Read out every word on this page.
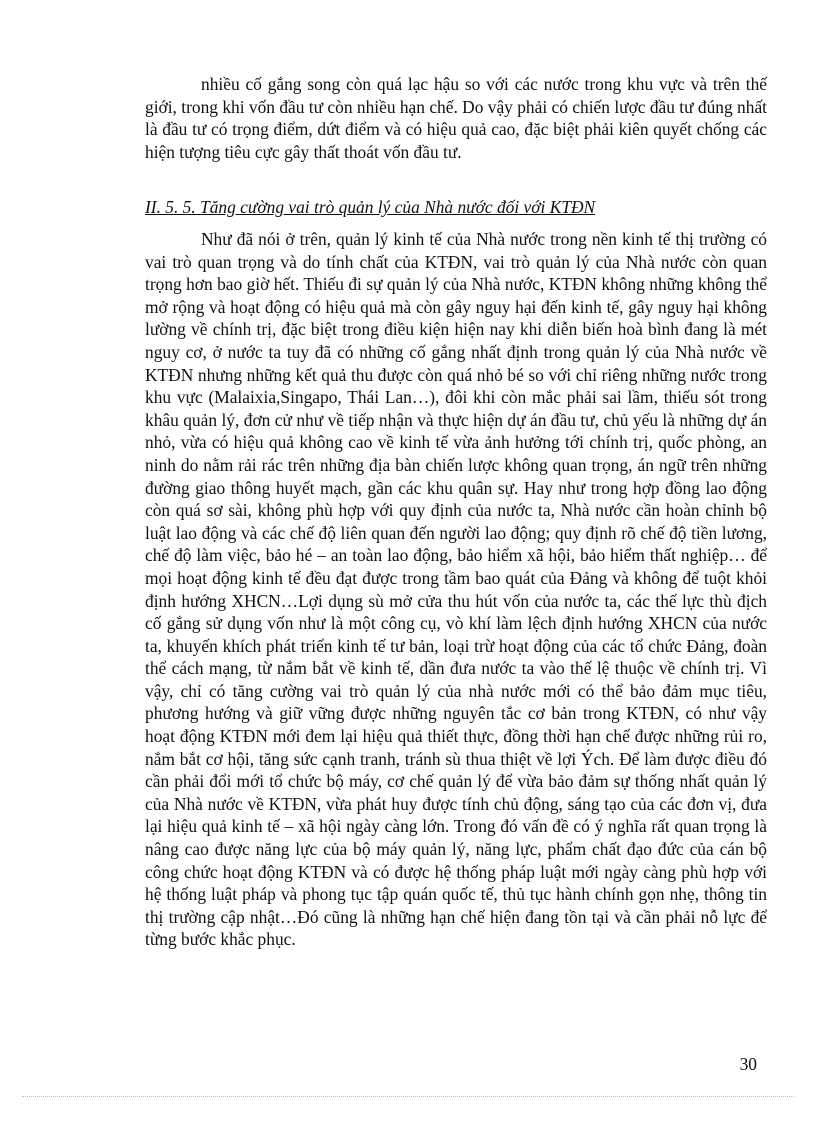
nhiều cố gắng song còn quá lạc hậu so với các nước trong khu vực và trên thế giới, trong khi vốn đầu tư còn nhiều hạn chế. Do vậy phải có chiến lược đầu tư đúng nhất là đầu tư có trọng điểm, dứt điểm và có hiệu quả cao, đặc biệt phải kiên quyết chống các hiện tượng tiêu cực gây thất thoát vốn đầu tư.

II. 5. 5. Tăng cường vai trò quản lý của Nhà nước đối với KTĐN

Như đã nói ở trên, quản lý kinh tế của Nhà nước trong nền kinh tế thị trường có vai trò quan trọng và do tính chất của KTĐN, vai trò quản lý của Nhà nước còn quan trọng hơn bao giờ hết. Thiếu đi sự quản lý của Nhà nước, KTĐN không những không thể mở rộng và hoạt động có hiệu quả mà còn gây nguy hại đến kinh tế, gây nguy hại không lường về chính trị, đặc biệt trong điều kiện hiện nay khi diễn biến hoà bình đang là mét nguy cơ, ở nước ta tuy đã có những cố gắng nhất định trong quản lý của Nhà nước về KTĐN nhưng những kết quả thu được còn quá nhỏ bé so với chỉ riêng những nước trong khu vực (Malaixia,Singapo, Thái Lan…), đôi khi còn mắc phải sai lầm, thiếu sót trong khâu quản lý, đơn cử như về tiếp nhận và thực hiện dự án đầu tư, chủ yếu là những dự án nhỏ, vừa có hiệu quả không cao về kinh tế vừa ảnh hưởng tới chính trị, quốc phòng, an ninh do nằm rải rác trên những địa bàn chiến lược không quan trọng, án ngữ trên những đường giao thông huyết mạch, gần các khu quân sự. Hay như trong hợp đồng lao động còn quá sơ sài, không phù hợp với quy định của nước ta, Nhà nước cần hoàn chỉnh bộ luật lao động và các chế độ liên quan đến người lao động; quy định rõ chế độ tiền lương, chế độ làm việc, bảo hé – an toàn lao động, bảo hiểm xã hội, bảo hiểm thất nghiệp… để mọi hoạt động kinh tế đều đạt được trong tầm bao quát của Đảng và không để tuột khỏi định hướng XHCN…Lợi dụng sù mở cửa thu hút vốn của nước ta, các thế lực thù địch cố gắng sử dụng vốn như là một công cụ, vò khí làm lệch định hướng XHCN của nước ta, khuyến khích phát triển kinh tế tư bản, loại trừ hoạt động của các tổ chức Đảng, đoàn thể cách mạng, từ nắm bắt về kinh tế, dần đưa nước ta vào thế lệ thuộc về chính trị. Vì vậy, chỉ có tăng cường vai trò quản lý của nhà nước mới có thể bảo đảm mục tiêu, phương hướng và giữ vững được những nguyên tắc cơ bản trong KTĐN, có như vậy hoạt động KTĐN mới đem lại hiệu quả thiết thực, đồng thời hạn chế được những rủi ro, nắm bắt cơ hội, tăng sức cạnh tranh, tránh sù thua thiệt về lợi Ých. Để làm được điều đó cần phải đổi mới tổ chức bộ máy, cơ chế quản lý để vừa bảo đảm sự thống nhất quản lý của Nhà nước về KTĐN, vừa phát huy được tính chủ động, sáng tạo của các đơn vị, đưa lại hiệu quả kinh tế – xã hội ngày càng lớn. Trong đó vấn đề có ý nghĩa rất quan trọng là nâng cao được năng lực của bộ máy quản lý, năng lực, phẩm chất đạo đức của cán bộ công chức hoạt động KTĐN và có được hệ thống pháp luật mới ngày càng phù hợp với hệ thống luật pháp và phong tục tập quán quốc tế, thủ tục hành chính gọn nhẹ, thông tin thị trường cập nhật…Đó cũng là những hạn chế hiện đang tồn tại và cần phải nỗ lực để từng bước khắc phục.

30
